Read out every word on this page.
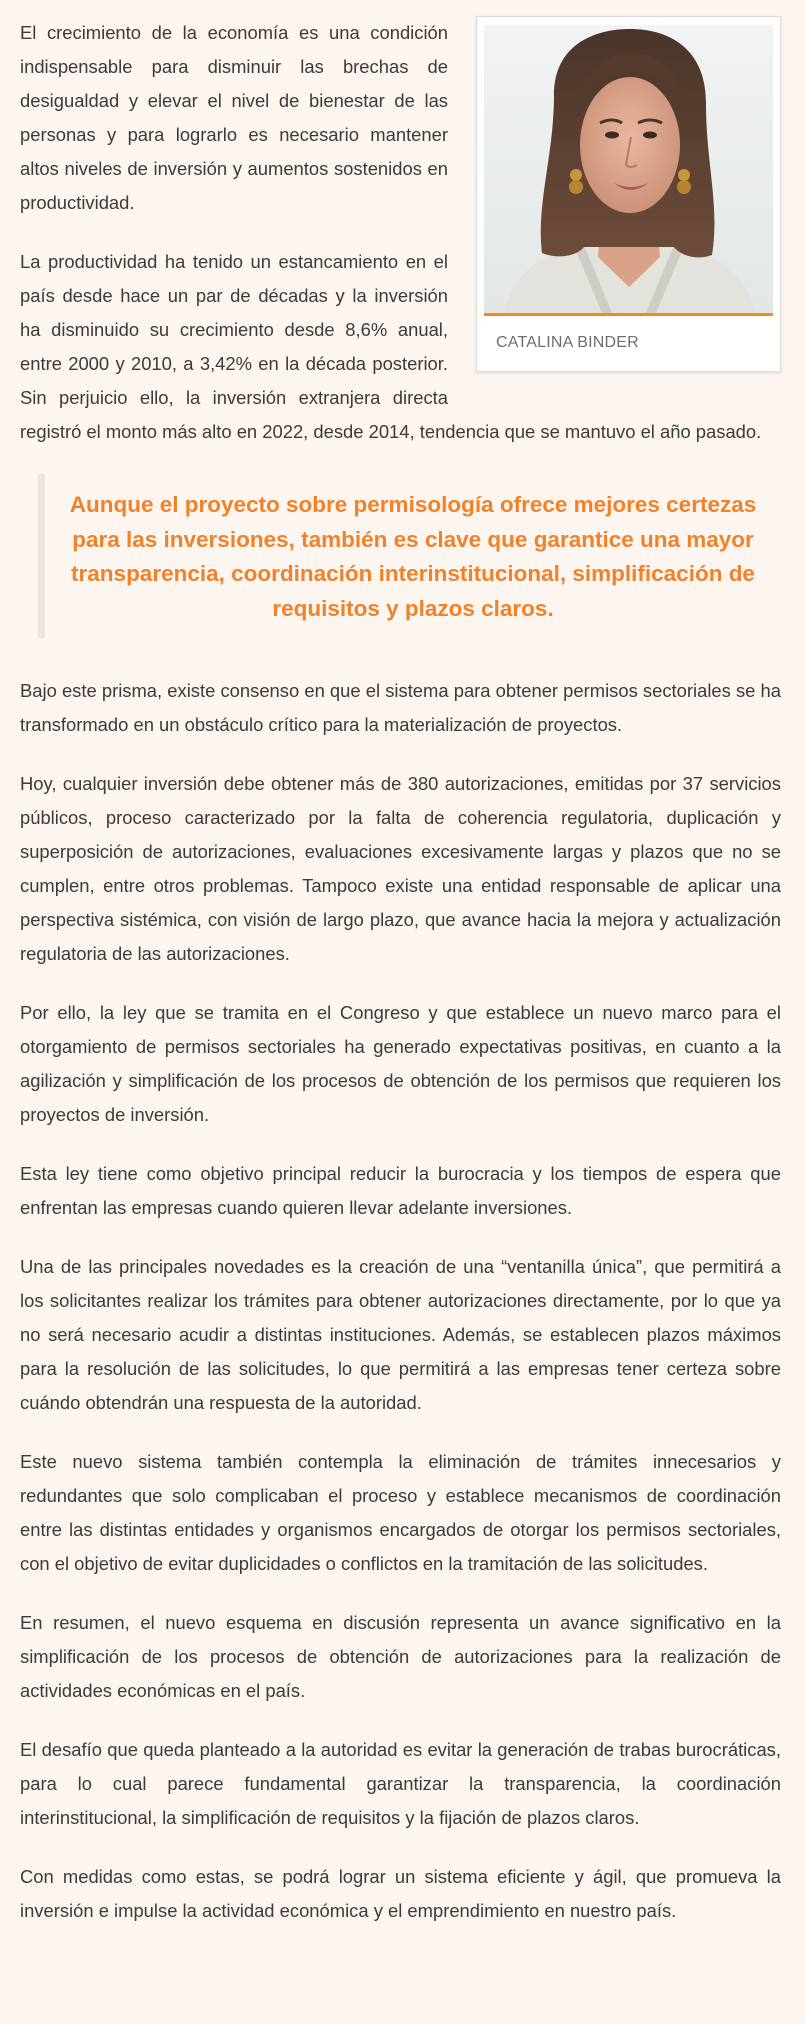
CATALINA BINDER

El crecimiento de la economía es una condición indispensable para disminuir las brechas de desigualdad y elevar el nivel de bienestar de las personas y para lograrlo es necesario mantener altos niveles de inversión y aumentos sostenidos en productividad.

La productividad ha tenido un estancamiento en el país desde hace un par de décadas y la inversión ha disminuido su crecimiento desde 8,6% anual, entre 2000 y 2010, a 3,42% en la década posterior. Sin perjuicio ello, la inversión extranjera directa registró el monto más alto en 2022, desde 2014, tendencia que se mantuvo el año pasado.

Aunque el proyecto sobre permisología ofrece mejores certezas para las inversiones, también es clave que garantice una mayor transparencia, coordinación interinstitucional, simplificación de requisitos y plazos claros.

Bajo este prisma, existe consenso en que el sistema para obtener permisos sectoriales se ha transformado en un obstáculo crítico para la materialización de proyectos.

Hoy, cualquier inversión debe obtener más de 380 autorizaciones, emitidas por 37 servicios públicos, proceso caracterizado por la falta de coherencia regulatoria, duplicación y superposición de autorizaciones, evaluaciones excesivamente largas y plazos que no se cumplen, entre otros problemas. Tampoco existe una entidad responsable de aplicar una perspectiva sistémica, con visión de largo plazo, que avance hacia la mejora y actualización regulatoria de las autorizaciones.

Por ello, la ley que se tramita en el Congreso y que establece un nuevo marco para el otorgamiento de permisos sectoriales ha generado expectativas positivas, en cuanto a la agilización y simplificación de los procesos de obtención de los permisos que requieren los proyectos de inversión.

Esta ley tiene como objetivo principal reducir la burocracia y los tiempos de espera que enfrentan las empresas cuando quieren llevar adelante inversiones.

Una de las principales novedades es la creación de una “ventanilla única”, que permitirá a los solicitantes realizar los trámites para obtener autorizaciones directamente, por lo que ya no será necesario acudir a distintas instituciones. Además, se establecen plazos máximos para la resolución de las solicitudes, lo que permitirá a las empresas tener certeza sobre cuándo obtendrán una respuesta de la autoridad.

Este nuevo sistema también contempla la eliminación de trámites innecesarios y redundantes que solo complicaban el proceso y establece mecanismos de coordinación entre las distintas entidades y organismos encargados de otorgar los permisos sectoriales, con el objetivo de evitar duplicidades o conflictos en la tramitación de las solicitudes.

En resumen, el nuevo esquema en discusión representa un avance significativo en la simplificación de los procesos de obtención de autorizaciones para la realización de actividades económicas en el país.

El desafío que queda planteado a la autoridad es evitar la generación de trabas burocráticas, para lo cual parece fundamental garantizar la transparencia, la coordinación interinstitucional, la simplificación de requisitos y la fijación de plazos claros.

Con medidas como estas, se podrá lograr un sistema eficiente y ágil, que promueva la inversión e impulse la actividad económica y el emprendimiento en nuestro país.
